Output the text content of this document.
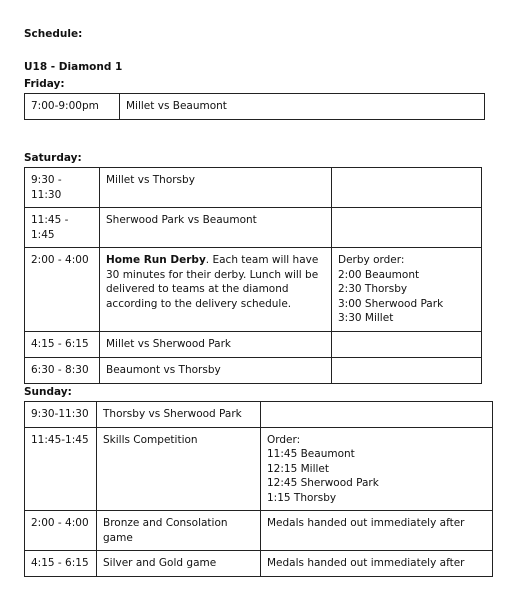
Schedule:
U18 - Diamond 1
Friday:
7:00-9:00pm	Millet vs Beaumont
Saturday:
9:30 - 11:30	Millet vs Thorsby	
11:45 - 1:45	Sherwood Park vs Beaumont	
2:00 - 4:00	Home Run Derby. Each team will have 30 minutes for their derby. Lunch will be delivered to teams at the diamond according to the delivery schedule.	Derby order:
2:00 Beaumont
2:30 Thorsby
3:00 Sherwood Park
3:30 Millet

4:15 - 6:15	Millet vs Sherwood Park	
6:30 - 8:30	Beaumont vs Thorsby	
Sunday:
9:30-11:30	Thorsby vs Sherwood Park	
11:45-1:45	Skills Competition	Order:
11:45 Beaumont
12:15 Millet
12:45 Sherwood Park
1:15 Thorsby

2:00 - 4:00	Bronze and Consolation game	Medals handed out immediately after
4:15 - 6:15	Silver and Gold game	Medals handed out immediately after
